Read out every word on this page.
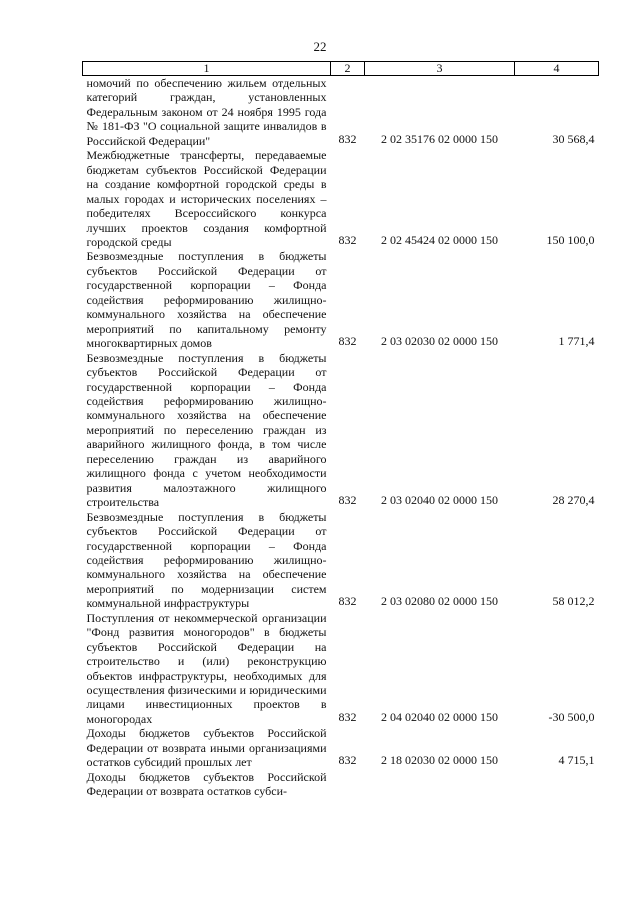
22
1	2	3	4
номочий по обеспечению жильем отдельных категорий граждан, установленных Федеральным законом от 24 ноября 1995 года № 181-ФЗ "О социальной защите инвалидов в Российской Федерации"	832	2 02 35176 02 0000 150	30 568,4
Межбюджетные трансферты, передаваемые бюджетам субъектов Российской Федерации на создание комфортной городской среды в малых городах и исторических поселениях – победителях Всероссийского конкурса лучших проектов создания комфортной городской среды	832	2 02 45424 02 0000 150	150 100,0
Безвозмездные поступления в бюджеты субъектов Российской Федерации от государственной корпорации – Фонда содействия реформированию жилищно-коммунального хозяйства на обеспечение мероприятий по капитальному ремонту многоквартирных домов	832	2 03 02030 02 0000 150	1 771,4
Безвозмездные поступления в бюджеты субъектов Российской Федерации от государственной корпорации – Фонда содействия реформированию жилищно-коммунального хозяйства на обеспечение мероприятий по переселению граждан из аварийного жилищного фонда, в том числе переселению граждан из аварийного жилищного фонда с учетом необходимости развития малоэтажного жилищного строительства	832	2 03 02040 02 0000 150	28 270,4
Безвозмездные поступления в бюджеты субъектов Российской Федерации от государственной корпорации – Фонда содействия реформированию жилищно-коммунального хозяйства на обеспечение мероприятий по модернизации систем коммунальной инфраструктуры	832	2 03 02080 02 0000 150	58 012,2
Поступления от некоммерческой организации "Фонд развития моногородов" в бюджеты субъектов Российской Федерации на строительство и (или) реконструкцию объектов инфраструктуры, необходимых для осуществления физическими и юридическими лицами инвестиционных проектов в моногородах	832	2 04 02040 02 0000 150	-30 500,0
Доходы бюджетов субъектов Российской Федерации от возврата иными организациями остатков субсидий прошлых лет	832	2 18 02030 02 0000 150	4 715,1
Доходы бюджетов субъектов Российской Федерации от возврата остатков субси-			
